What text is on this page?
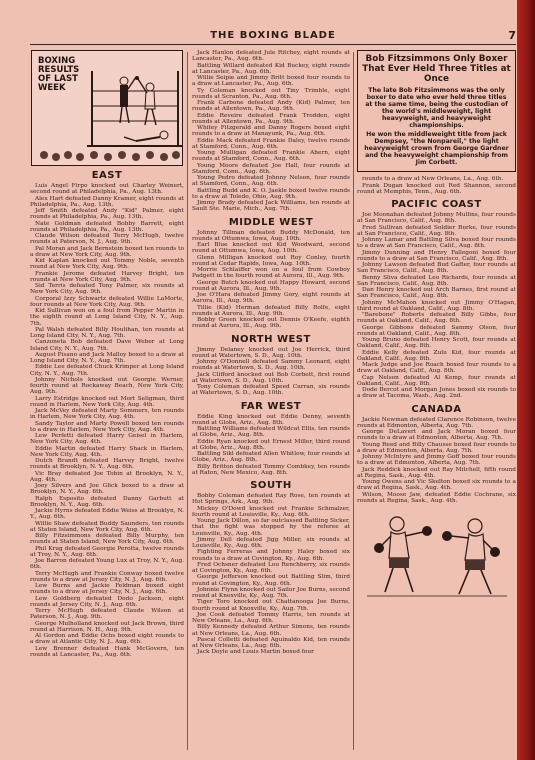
THE BOXING BLADE	7
BOXING RESULTS OF LAST WEEK
EAST

Luis Angel Firpo knocked out Charley Weinert, second round at Philadelphia, Pa., Aug. 13th.

Alex Hart defeated Danny Kramer, eight rounds at Philadelphia, Pa., Aug. 13th.

Jeff Smith defeated Andy "Kid" Palmer, eight rounds at Philadelphia, Pa., Aug. 13th.

Nate Goldman defeated Bobby Barrett, eight rounds at Philadelphia, Pa., Aug. 13th.

Claude Wilson defeated Terry McHugh, twelve rounds at Paterson, N. J., Aug. 9th.

Pal Moran and Jack Bernstein boxed ten rounds to a draw at New York City, Aug. 9th.

Kid Kaplan knocked out Tommy Noble, seventh round at New York City, Aug. 9th.

Frankie Jerome defeated Harvey Bright, ten rounds at New York City, Aug. 9th.

Sid Terris defeated Tony Palmer, six rounds at New York City, Aug. 9th.

Corporal Izzy Schwartz defeated Willie LaMorte, four rounds at New York City, Aug. 9th.

Kid Sullivan won on a foul from Pepper Martin in the eighth round at Long Island City, N. Y., Aug. 7th.

Pal Walsh defeated Billy Houlihan, ten rounds at Long Island City, N. Y., Aug. 7th.

Canzoneta Bob defeated Dave Weber at Long Island City, N. Y., Aug. 7th.

August Pisano and Jack Malloy boxed to a draw at Long Island City, N. Y., Aug. 7th.

Eddie Lee defeated Chuck Krimper at Long Island City, N. Y., Aug. 7th.

Johnny Nichols knocked out Georgie Werner, fourth round at Rockaway Beach, New York City, Aug. 9th.

Larry Estridge knocked out Mort Seligman, third round in Harlem, New York City, Aug. 4th.

Jack McVey defeated Marty Sommers, ten rounds in Harlem, New York City, Aug. 4th.

Sandy Taylor and Marty Powell boxed ten rounds to a draw in Harlem, New York City, Aug. 4th.

Lew Perfetti defeated Harry Geisel in Harlem, New York City, Aug. 4th.

Eddie Martin defeated Harry Shack in Harlem, New York City, Aug. 4th.

Dutch Brandt defeated Harvey Bright, twelve rounds at Brooklyn, N. Y., Aug. 6th.

Vic Bray defeated Joe Tobin at Brooklyn, N. Y., Aug. 4th.

Joey Silvers and Joe Glick boxed to a draw at Brooklyn, N. Y., Aug. 6th.

Ralph Esposito defeated Danny Garbutt at Brooklyn, N. Y., Aug. 6th.

Jackie Hyrns defeated Eddie Weiss at Brooklyn, N. Y., Aug. 6th.

Willie Shaw defeated Buddy Saunders, ten rounds at Staten Island, New York City, Aug. 6th.

Billy Fitzsimmons defeated Billy Murphy, ten rounds at Staten Island, New York City, Aug. 6th.

Phil Krug defeated Georgie Perotta, twelve rounds at Troy, N. Y., Aug. 6th.

Joe Barron defeated Young Lux at Troy, N. Y., Aug. 6th.

Terry McHugh and Frankie Conway boxed twelve rounds to a draw at Jersey City, N. J., Aug. 6th.

Lew Burns and Jackie Feldman boxed eight rounds to a draw at Jersey City, N. J., Aug. 6th.

Lew Goldberg defeated Dodo Jackson, eight rounds at Jersey City, N. J., Aug. 6th.

Terry McHugh defeated Claude Wilson at Paterson, N. J., Aug. 9th.

George Mulholland knocked out Jack Brown, third round at Harrison, N. H., Aug. 9th.

Al Gordon and Eddie Ochs boxed eight rounds to a draw at Atlantic City, N. J., Aug. 6th.

Lew Brenner defeated Hank McGovern, ten rounds at Lancaster, Pa., Aug. 6th.

Jack Hanlon defeated Jule Ritchey, eight rounds at Lancaster, Pa., Aug. 6th.

Battling Willard defeated Kid Buckey, eight rounds at Lancaster, Pa., Aug. 6th.

Willie Seipie and Jimmy Britt boxed four rounds to a draw at Lancaster, Pa., Aug. 6th.

Ty Coleman knocked out Tiny Trimble, eight rounds at Scranton, Pa., Aug. 6th.

Frank Carbone defeated Andy (Kid) Palmer, ten rounds at Allentown, Pa., Aug. 9th.

Eddie Reveire defeated Frank Trodden, eight rounds at Allentown, Pa., Aug. 9th.

Whitey Fitzgerald and Danny Rogers boxed eight rounds to a draw at Manayunk, Pa., Aug. 6th.

Eddie Mack defeated Frankie Daley, twelve rounds at Stamford, Conn., Aug. 6th.

Young Mulligan defeated Frankie Ahern, eight rounds at Stamford, Conn., Aug. 6th.

Young Moore defeated Joe Hall, four rounds at Stamford, Conn., Aug. 6th.

Young Pedro defeated Johnny Nelson, four rounds at Stamford, Conn., Aug. 6th.

Battling Budd and K. O. Jaekle boxed twelve rounds to a draw at Toledo, Ohio, Aug. 9th.

Jimmy Brady defeated Jack Williams, ten rounds at Sault Ste. Marie, Mich., Aug. 7th.

MIDDLE WEST

Johnny Tillman defeated Buddy McDonald, ten rounds at Ottumwa, Iowa, Aug. 10th.

Earl Blue knocked out Kid Woodward, second round at Ottumwa, Iowa, Aug. 10th.

Glenn Milligan knocked out Roy Conley, fourth round at Cedar Rapids, Iowa, Aug. 10th.

Morrie Schlaiffer won on a foul from Cowboy Padgett in the fourth round at Aurora, Ill., Aug. 9th.

George Butch knocked out Happy Howard, second round at Aurora, Ill., Aug. 9th.

Joe O'Hara defeated Jimmy Gory, eight rounds at Aurora, Ill., Aug. 9th.

Tillie (Kid) Herman defeated Billy Rolfe, eight rounds at Aurora, Ill., Aug. 9th.

Bobby Green knocked out Dennis O'Keefe, eighth round at Aurora, Ill., Aug. 9th.

NORTH WEST

Jimmy Delaney knocked out Joe Herrick, third round at Watertown, S. D., Aug. 10th.

Johnny O'Donnell defeated Sammy Leonard, eight rounds at Watertown, S. D., Aug. 10th.

Jack Clifford knocked out Bob Corbett, first round at Watertown, S. D., Aug. 10th.

Tony Coleman defeated Speed Curran, six rounds at Watertown, S. D., Aug. 10th.

FAR WEST

Eddie King knocked out Eddie Denny, seventh round at Globe, Ariz., Aug. 8th.

Battling Williams defeated Wildcat Ellis, ten rounds at Globe, Ariz., Aug. 8th.

Eddie Ryan knocked out Ernest Miller, third round at Globe, Ariz., Aug. 8th.

Battling Sikl defeated Allen Whitlow, four rounds at Globe, Ariz., Aug. 8th.

Billy Britton defeated Tommy Combkey, ten rounds at Raton, New Mexico, Aug. 8th.

SOUTH

Bobby Coleman defeated Ray Rose, ten rounds at Hot Springs, Ark., Aug. 9th.

Mickey O'Dowd knocked out Frankie Schmalzer, fourth round at Louisville, Ky., Aug. 6th.

Young Jack Dillon, so far outclassed Battling Sicker, that the fight was stopped by the referee at Louisville, Ky., Aug. 4th.

Jimmy Dell defeated Jigg Miller, six rounds at Louisville, Ky., Aug. 6th.

Fighting Ferreras and Johnny Haley boxed six rounds to a draw at Covington, Ky., Aug. 6th.

Fred Ochsner defeated Lou Renchberry, six rounds at Covington, Ky., Aug. 6th.

George Jefferson knocked out Battling Slim, third round at Covington, Ky., Aug. 6th.

Johnnie Flynn knocked out Sailor Joe Burns, second round at Knoxville, Ky., Aug. 7th.

Tiger Toro knocked out Chattanooga Joe Burns, fourth round at Knoxville, Ky., Aug. 7th.

Joe Cook defeated Tommy Harris, ten rounds at New Orleans, La., Aug. 6th.

Billy Kennedy defeated Arthur Simons, ten rounds at New Orleans, La., Aug. 6th.

Pascal Colletti defeated Aguinaldo Kid, ten rounds at New Orleans, La., Aug. 6th.

Jack Doyle and Louis Martin boxed four

Bob Fitzsimmons Only Boxer That Ever Held Three Titles at Once

The late Bob Fitzsimmons was the only boxer to date who ever held three titles at the same time, being the custodian of the world's middleweight, light heavyweight, and heavyweight championships.

He won the middleweight title from Jack Dempsey, "the Nonpareil," the light heavyweight crown from George Gardner and the heavyweight championship from Jim Corbett.

rounds to a draw at New Orleans, La., Aug. 6th.

Frank Dugan knocked out Red Shannon, second round at Memphis, Tenn., Aug. 6th.

PACIFIC COAST

Joe Moonahan defeated Johnny Mullins, four rounds at San Francisco, Calif., Aug. 8th.

Fred Sullivan defeated Soldier Burke, four rounds at San Francisco, Calif., Aug. 8th.

Johnny Lamar and Battling Silva boxed four rounds to a draw at San Francisco, Calif., Aug. 8th.

Jimmy Dunning and Henry Fallegoni boxed four rounds to a draw at San Francisco, Calif., Aug. 8th.

Johnny Lawson defeated Bud Gafter, four rounds at San Francisco, Calif., Aug. 8th.

Benny Sliva defeated Leo Richards, four rounds at San Francisco, Calif., Aug. 8th.

Dan Henry knocked out Arch Barnes, first round at San Francisco, Calif., Aug. 8th.

Johnny McMahon knocked out Jimmy O'Hagan, third round at Oakland, Calif., Aug. 8th.

"Barebone" Roberts defeated Billy Gibbs, four rounds at Oakland, Calif., Aug. 8th.

George Gibbons defeated Sammy Olson, four rounds at Oakland, Calif., Aug. 8th.

Young Bruno defeated Henry Scott, four rounds at Oakland, Calif., Aug. 8th.

Eddie Kelly defeated Zulu Kid, four rounds at Oakland, Calif., Aug. 8th.

Mack Judge and Joe Roach boxed four rounds to a draw at Oakland, Calif., Aug. 8th.

Cap Nelson defeated Al Kemp, four rounds at Oakland, Calif., Aug. 8th.

Dode Bercot and Morgan Jones boxed six rounds to a draw at Tacoma, Wash., Aug. 2nd.

CANADA

Jackie Newman defeated Clarence Robinson, twelve rounds at Edmonton, Alberta, Aug. 7th.

George DeLavert and Jack Moran boxed four rounds to a draw at Edmonton, Alberta, Aug. 7th.

Young Reed and Billy Chausse boxed four rounds to a draw at Edmonton, Alberta, Aug. 7th.

Johnny McIntyre and Jimmy Goff boxed four rounds to a draw at Edmonton, Alberta, Aug. 7th.

Jack Reddick knocked out Ray Mitchell, fifth round at Regina, Sask., Aug. 4th.

Young Owens and Vic Skelton boxed six rounds to a draw at Regina, Sask., Aug. 4th.

Wilson, Moose Jaw, defeated Eddie Cochrane, six rounds at Regina, Sask., Aug. 4th.
